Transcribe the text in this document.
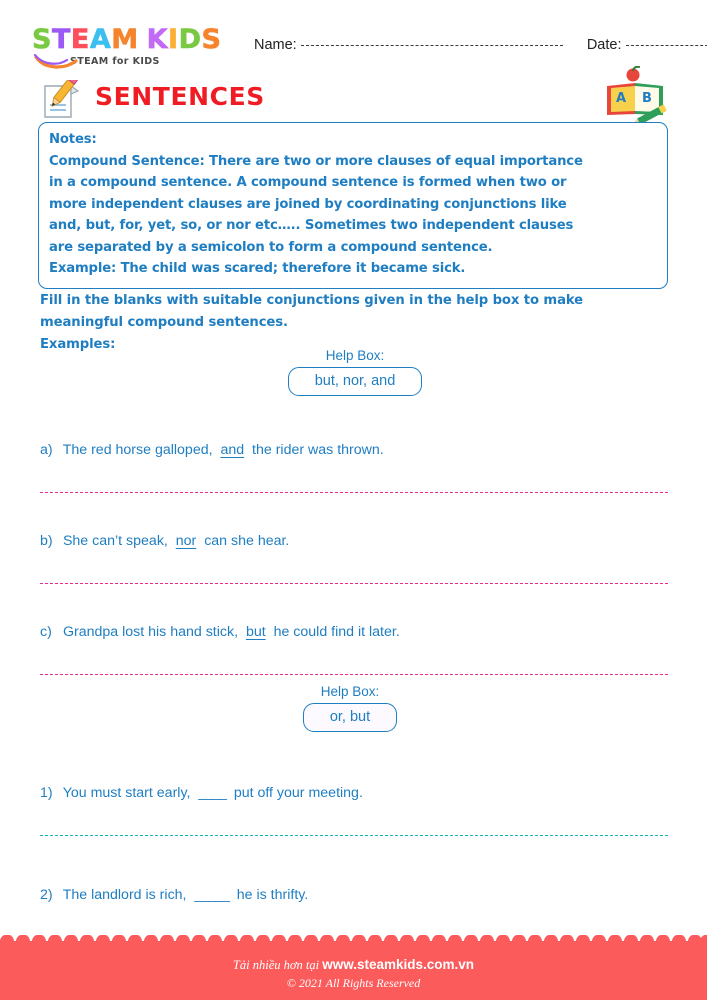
STEAM KIDS
STEAM for KIDS
Name:	Date:
SENTENCES	A B
Notes:
Compound Sentence: There are two or more clauses of equal importance
in a compound sentence. A compound sentence is formed when two or
more independent clauses are joined by coordinating conjunctions like
and, but, for, yet, so, or nor etc….. Sometimes two independent clauses
are separated by a semicolon to form a compound sentence.
Example: The child was scared; therefore it became sick.
Fill in the blanks with suitable conjunctions given in the help box to make
meaningful compound sentences.
Examples:
Help Box:
but, nor, and
a) The red horse galloped, and the rider was thrown.
b) She can’t speak, nor can she hear.
c) Grandpa lost his hand stick, but he could find it later.
Help Box:
or, but
1) You must start early, ____ put off your meeting.
2) The landlord is rich, _____ he is thrifty.
Tải nhiều hơn tại www.steamkids.com.vn
© 2021 All Rights Reserved
